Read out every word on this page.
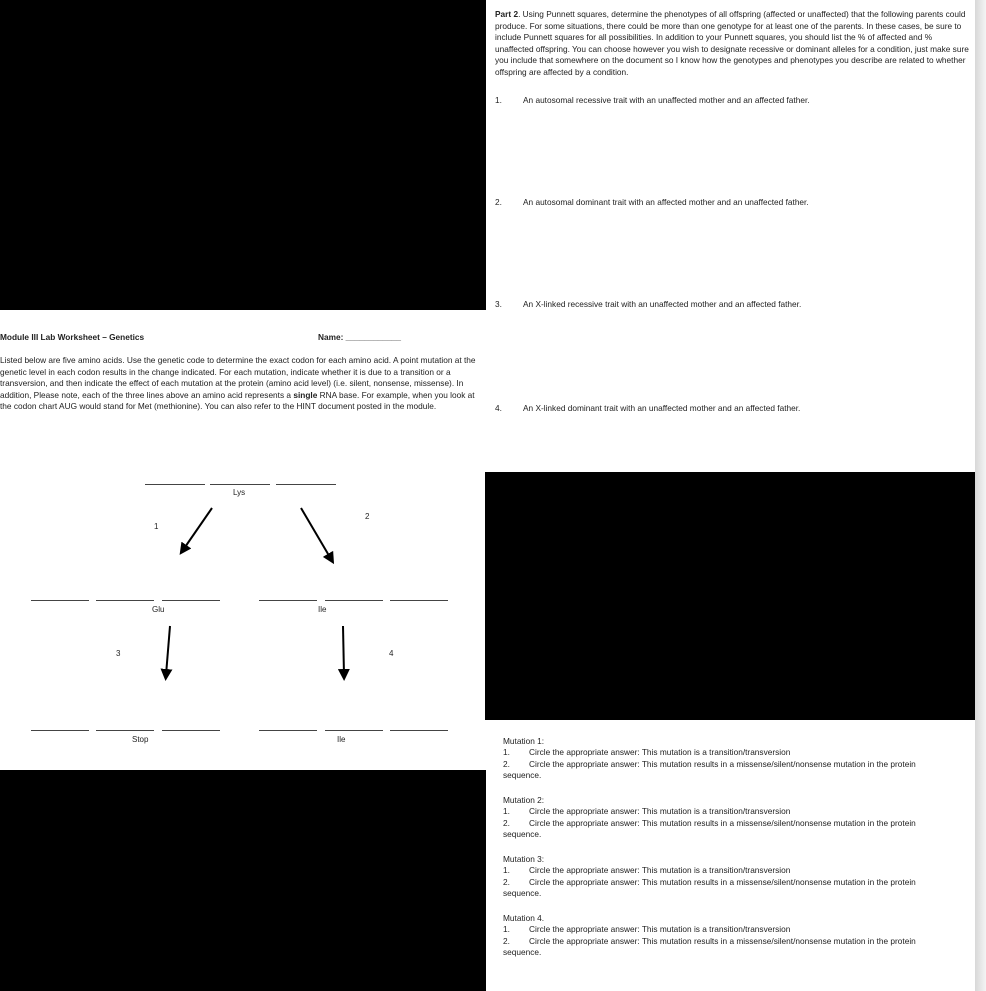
Part 2. Using Punnett squares, determine the phenotypes of all offspring (affected or unaffected) that the following parents could produce. For some situations, there could be more than one genotype for at least one of the parents. In these cases, be sure to include Punnett squares for all possibilities. In addition to your Punnett squares, you should list the % of affected and % unaffected offspring. You can choose however you wish to designate recessive or dominant alleles for a condition, just make sure you include that somewhere on the document so I know how the genotypes and phenotypes you describe are related to whether offspring are affected by a condition.
1.	An autosomal recessive trait with an unaffected mother and an affected father.
2.	An autosomal dominant trait with an affected mother and an unaffected father.
3.	An X-linked recessive trait with an unaffected mother and an affected father.
4.	An X-linked dominant trait with an unaffected mother and an affected father.
Module III Lab Worksheet – Genetics	Name: ____________
Listed below are five amino acids. Use the genetic code to determine the exact codon for each amino acid. A point mutation at the genetic level in each codon results in the change indicated. For each mutation, indicate whether it is due to a transition or a transversion, and then indicate the effect of each mutation at the protein (amino acid level) (i.e. silent, nonsense, missense). In addition, Please note, each of the three lines above an amino acid represents a single RNA base. For example, when you look at the codon chart AUG would stand for Met (methionine). You can also refer to the HINT document posted in the module.
Lys
Glu	Ile
Stop	Ile
1
2
3	4
Mutation 1:
1. Circle the appropriate answer: This mutation is a transition/transversion
2. Circle the appropriate answer: This mutation results in a missense/silent/nonsense mutation in the protein
sequence.
Mutation 2:
1. Circle the appropriate answer: This mutation is a transition/transversion
2. Circle the appropriate answer: This mutation results in a missense/silent/nonsense mutation in the protein
sequence.
Mutation 3:
1. Circle the appropriate answer: This mutation is a transition/transversion
2. Circle the appropriate answer: This mutation results in a missense/silent/nonsense mutation in the protein
sequence.
Mutation 4.
1. Circle the appropriate answer: This mutation is a transition/transversion
2. Circle the appropriate answer: This mutation results in a missense/silent/nonsense mutation in the protein
sequence.
